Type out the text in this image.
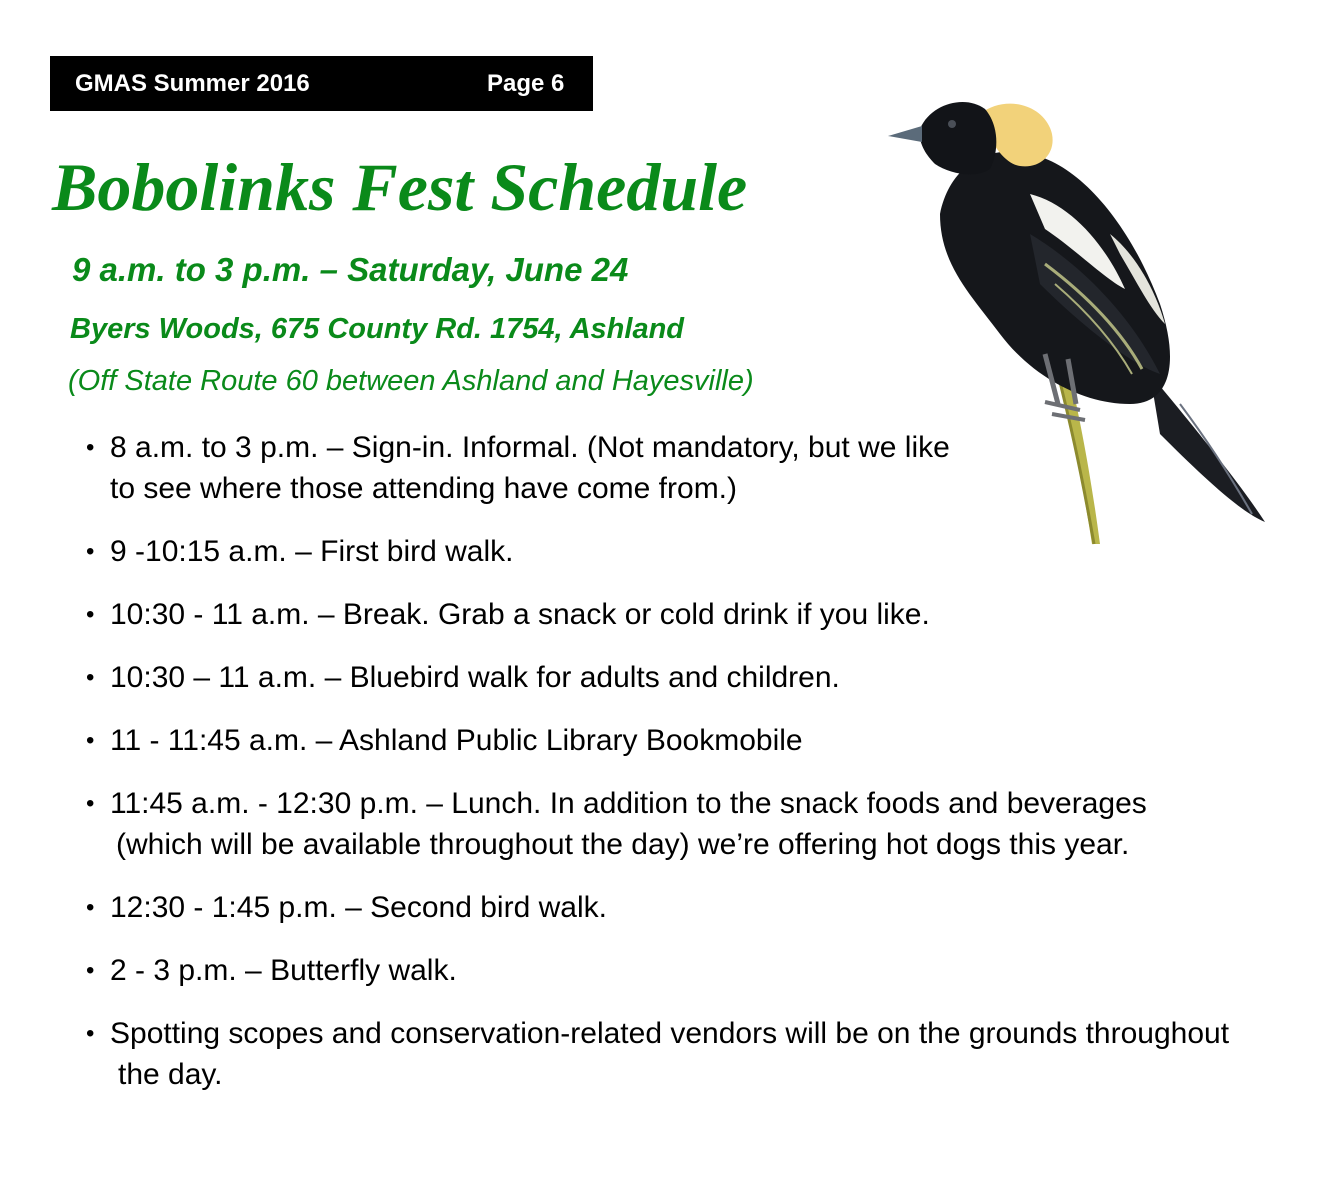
GMAS Summer 2016	Page 6
Bobolinks Fest Schedule

9 a.m. to 3 p.m. – Saturday, June 24

Byers Woods, 675 County Rd. 1754, Ashland

(Off State Route 60 between Ashland and Hayesville)

• 8 a.m. to 3 p.m. – Sign-in. Informal. (Not mandatory, but we like to see where those attending have come from.)
• 9 -10:15 a.m. – First bird walk.
• 10:30 - 11 a.m. – Break. Grab a snack or cold drink if you like.
• 10:30 – 11 a.m. – Bluebird walk for adults and children.
• 11 - 11:45 a.m. – Ashland Public Library Bookmobile
• 11:45 a.m. - 12:30 p.m. – Lunch. In addition to the snack foods and beverages (which will be available throughout the day) we’re offering hot dogs this year.
• 12:30 - 1:45 p.m. – Second bird walk.
• 2 - 3 p.m. – Butterfly walk.
• Spotting scopes and conservation-related vendors will be on the grounds throughout the day.
